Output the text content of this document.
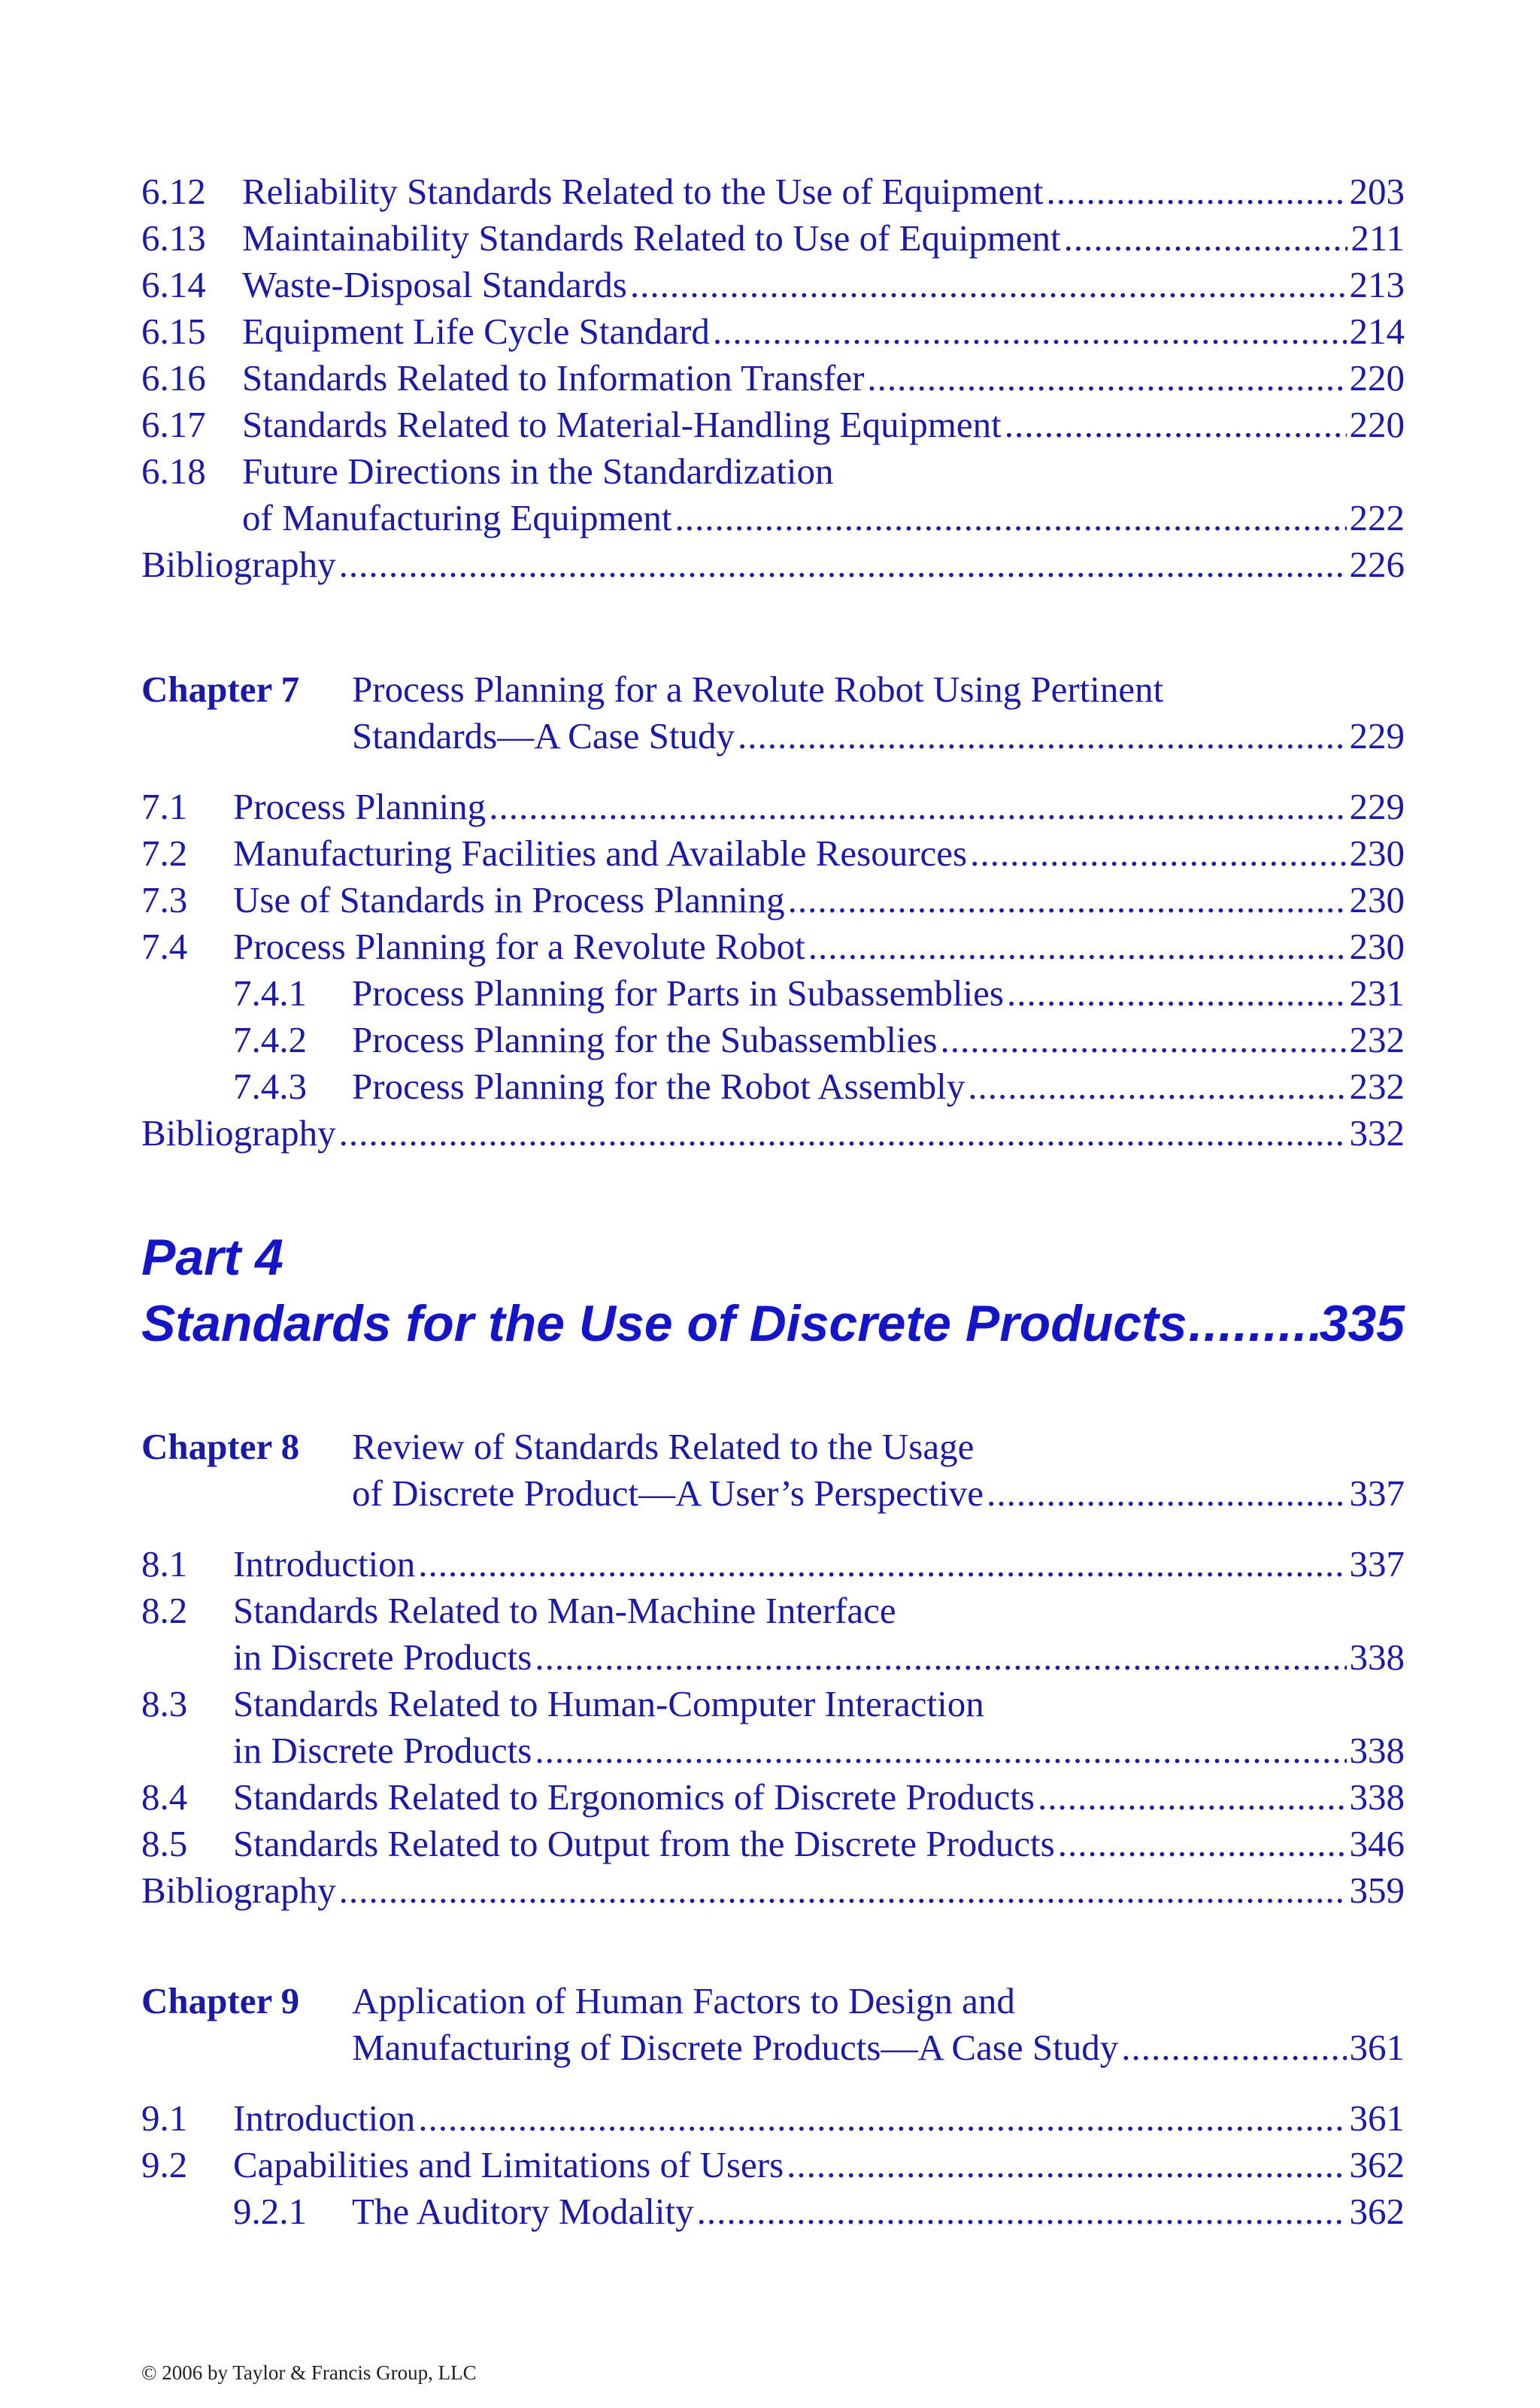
6.12 Reliability Standards Related to the Use of Equipment .....	203
6.13 Maintainability Standards Related to Use of Equipment .....	211
6.14 Waste-Disposal Standards .....	213
6.15 Equipment Life Cycle Standard .....	214
6.16 Standards Related to Information Transfer .....	220
6.17 Standards Related to Material-Handling Equipment .....	220
6.18 Future Directions in the Standardization
of Manufacturing Equipment .....	222
Bibliography .....	226
Chapter 7	Process Planning for a Revolute Robot Using Pertinent
Standards—A Case Study .....	229
7.1	Process Planning .....	229
7.2	Manufacturing Facilities and Available Resources .....	230
7.3	Use of Standards in Process Planning .....	230
7.4	Process Planning for a Revolute Robot .....	230
7.4.1	Process Planning for Parts in Subassemblies .....	231
7.4.2	Process Planning for the Subassemblies .....	232
7.4.3	Process Planning for the Robot Assembly .....	232
Bibliography .....	332
Part 4
Standards for the Use of Discrete Products .....	335
Chapter 8	Review of Standards Related to the Usage
of Discrete Product—A User’s Perspective .....	337
8.1	Introduction .....	337
8.2	Standards Related to Man-Machine Interface
in Discrete Products .....	338
8.3	Standards Related to Human-Computer Interaction
in Discrete Products .....	338
8.4	Standards Related to Ergonomics of Discrete Products .....	338
8.5	Standards Related to Output from the Discrete Products .....	346
Bibliography .....	359
Chapter 9	Application of Human Factors to Design and
Manufacturing of Discrete Products—A Case Study .....	361
9.1	Introduction .....	361
9.2	Capabilities and Limitations of Users .....	362
9.2.1	The Auditory Modality .....	362
© 2006 by Taylor & Francis Group, LLC
